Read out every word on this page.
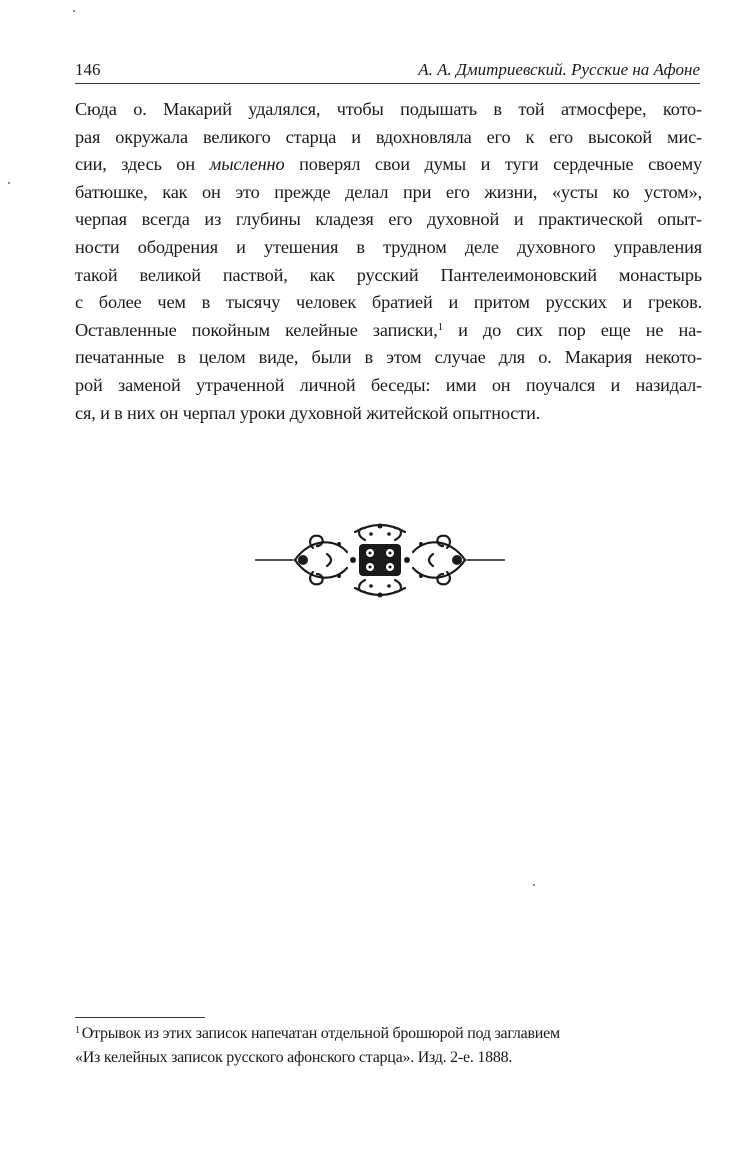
146	А. А. Дмитриевский. Русские на Афоне
Сюда о. Макарий удалялся, чтобы подышать в той атмосфере, кото-
рая окружала великого старца и вдохновляла его к его высокой мис-
сии, здесь он мысленно поверял свои думы и туги сердечные своему
батюшке, как он это прежде делал при его жизни, «усты ко устом»,
черпая всегда из глубины кладезя его духовной и практической опыт-
ности ободрения и утешения в трудном деле духовного управления
такой великой паствой, как русский Пантелеимоновский монастырь
с более чем в тысячу человек братией и притом русских и греков.
Оставленные покойным келейные записки,$^1$ и до сих пор еще не на-
печатанные в целом виде, были в этом случае для о. Макария некото-
рой заменой утраченной личной беседы: ими он поучался и назидал-
ся, и в них он черпал уроки духовной житейской опытности.
$^1$ Отрывок из этих записок напечатан отдельной брошюрой под заглавием
«Из келейных записок русского афонского старца». Изд. 2-е. 1888.
